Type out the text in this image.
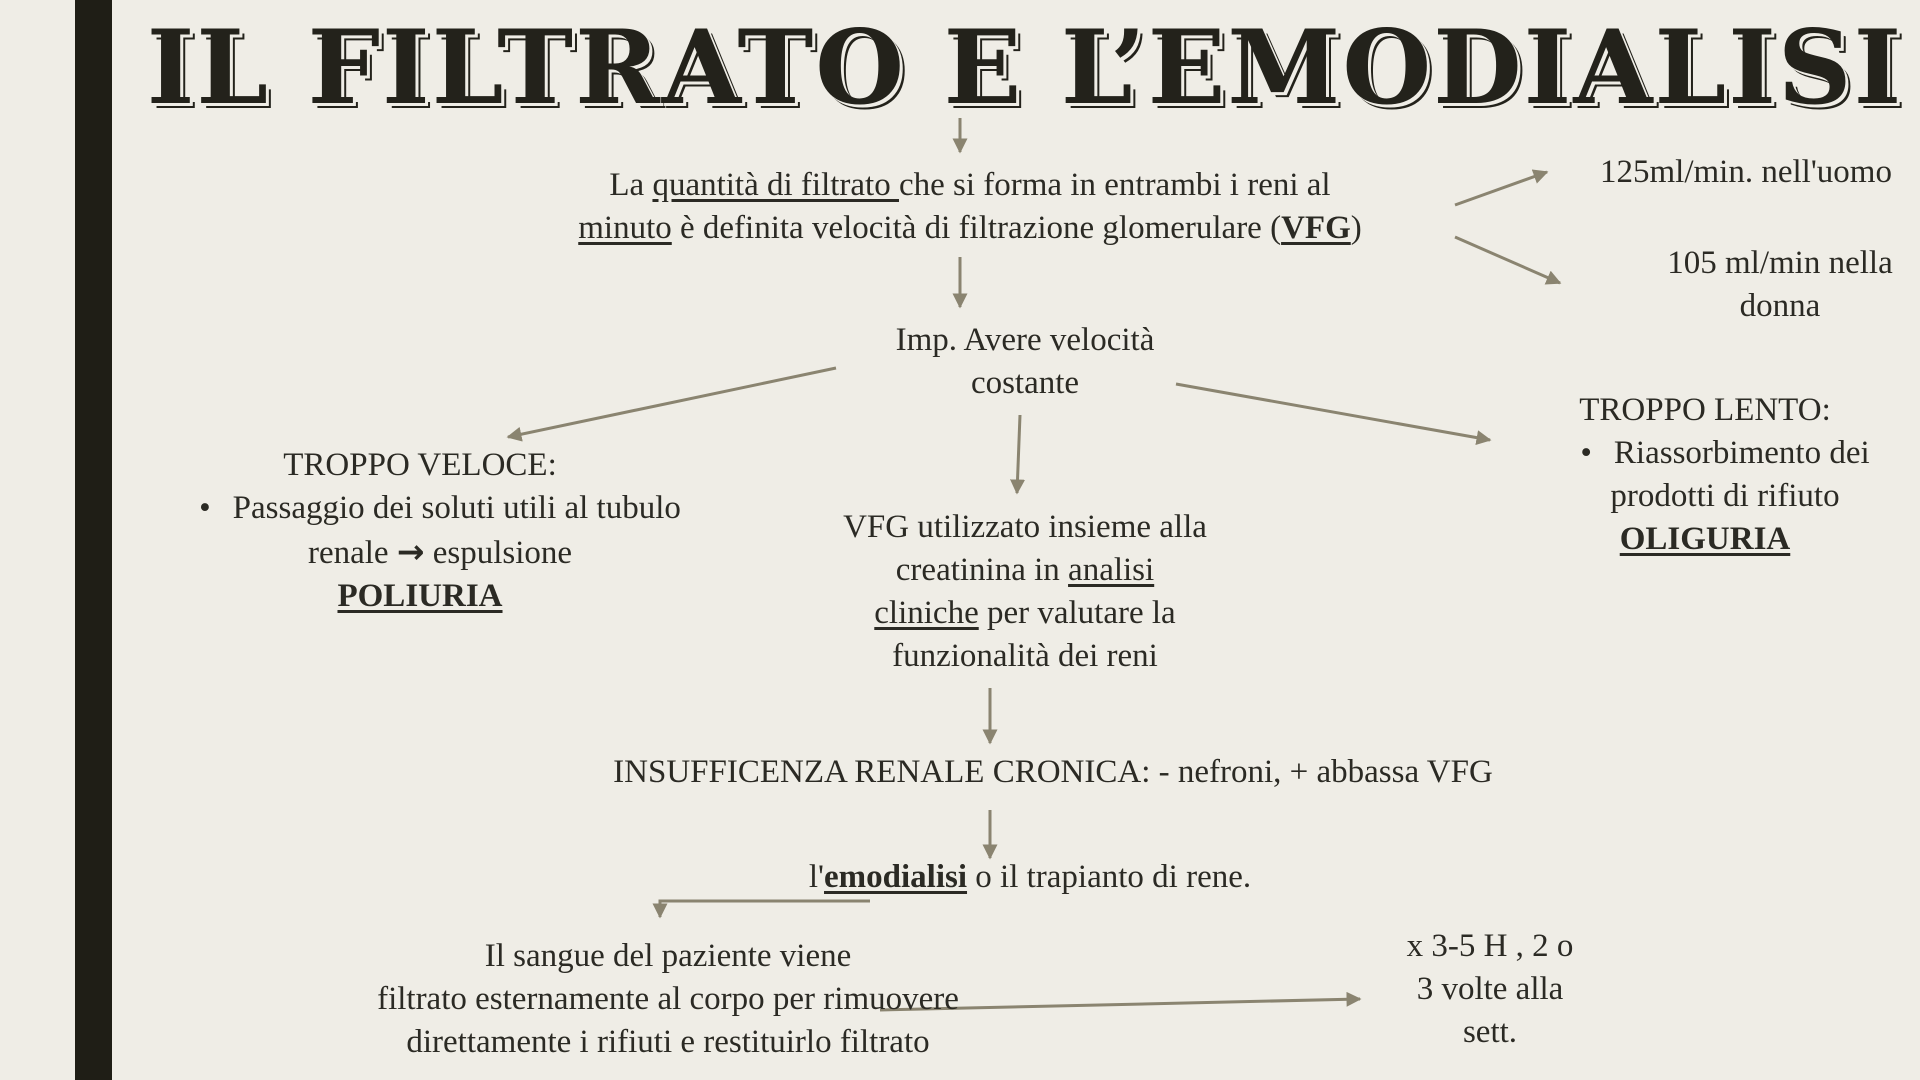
IL FILTRATO E L’EMODIALISI
La quantità di filtrato che si forma in entrambi i reni al
minuto è definita velocità di filtrazione glomerulare (VFG)
125ml/min. nell'uomo
105 ml/min nella
donna
Imp. Avere velocità
costante
TROPPO VELOCE:
• Passaggio dei soluti utili al tubulo
renale → espulsione
POLIURIA
TROPPO LENTO:
• Riassorbimento dei
prodotti di rifiuto
OLIGURIA
VFG utilizzato insieme alla
creatinina in analisi
cliniche per valutare la
funzionalità dei reni
INSUFFICENZA RENALE CRONICA: - nefroni, + abbassa VFG
l'emodialisi o il trapianto di rene.
Il sangue del paziente viene
filtrato esternamente al corpo per rimuovere
direttamente i rifiuti e restituirlo filtrato
x 3-5 H , 2 o
3 volte alla
sett.
